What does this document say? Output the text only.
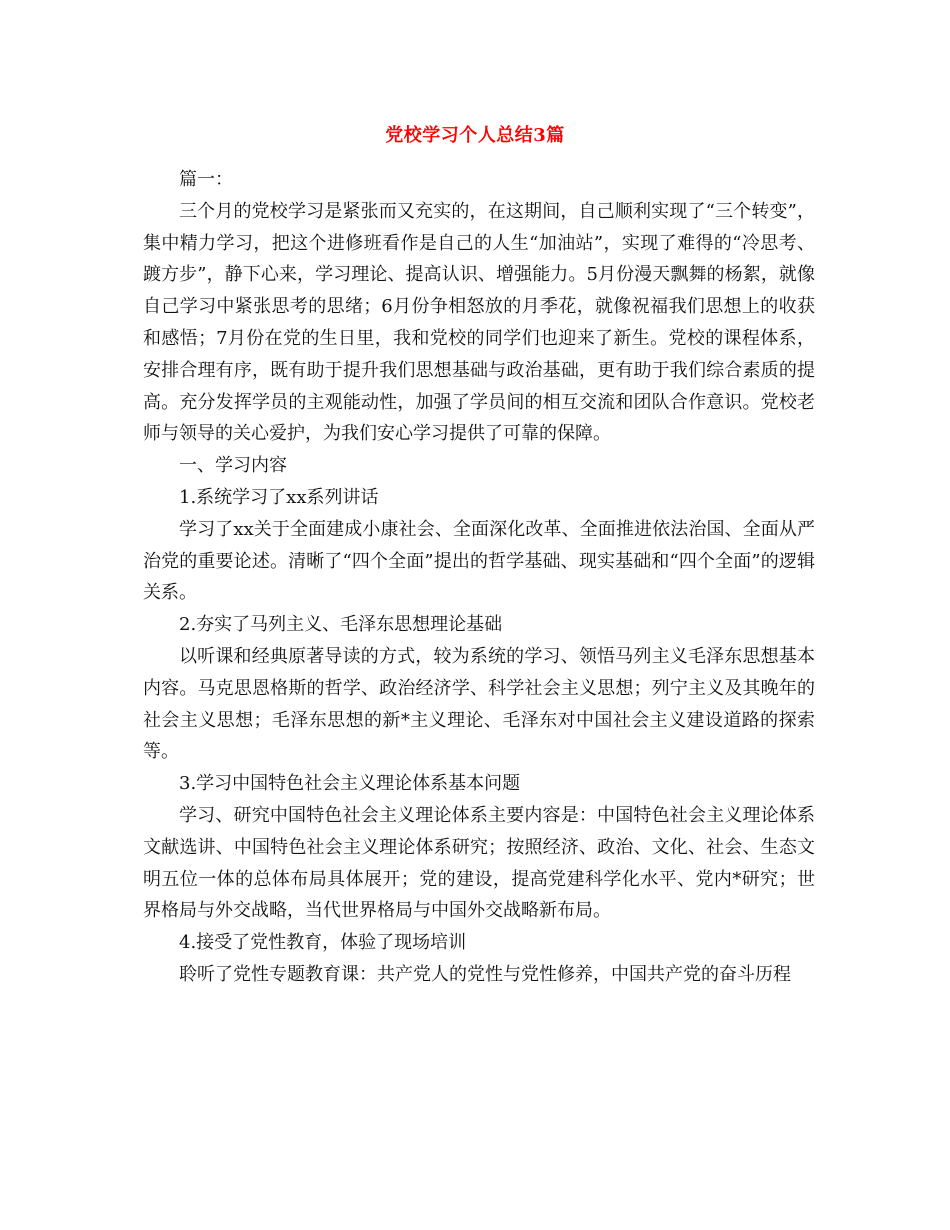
党校学习个人总结3篇

篇一：

三个月的党校学习是紧张而又充实的，在这期间，自己顺利实现了“三个转变”，集中精力学习，把这个进修班看作是自己的人生“加油站”，实现了难得的“冷思考、踱方步”，静下心来，学习理论、提高认识、增强能力。5月份漫天飘舞的杨絮，就像自己学习中紧张思考的思绪；6月份争相怒放的月季花，就像祝福我们思想上的收获和感悟；7月份在党的生日里，我和党校的同学们也迎来了新生。党校的课程体系，安排合理有序，既有助于提升我们思想基础与政治基础，更有助于我们综合素质的提高。充分发挥学员的主观能动性，加强了学员间的相互交流和团队合作意识。党校老师与领导的关心爱护，为我们安心学习提供了可靠的保障。

一、学习内容

1.系统学习了xx系列讲话

学习了xx关于全面建成小康社会、全面深化改革、全面推进依法治国、全面从严治党的重要论述。清晰了“四个全面”提出的哲学基础、现实基础和“四个全面”的逻辑关系。

2.夯实了马列主义、毛泽东思想理论基础

以听课和经典原著导读的方式，较为系统的学习、领悟马列主义毛泽东思想基本内容。马克思恩格斯的哲学、政治经济学、科学社会主义思想；列宁主义及其晚年的社会主义思想；毛泽东思想的新*主义理论、毛泽东对中国社会主义建设道路的探索等。

3.学习中国特色社会主义理论体系基本问题

学习、研究中国特色社会主义理论体系主要内容是：中国特色社会主义理论体系文献选讲、中国特色社会主义理论体系研究；按照经济、政治、文化、社会、生态文明五位一体的总体布局具体展开；党的建设，提高党建科学化水平、党内*研究；世界格局与外交战略，当代世界格局与中国外交战略新布局。

4.接受了党性教育，体验了现场培训

聆听了党性专题教育课：共产党人的党性与党性修养，中国共产党的奋斗历程
